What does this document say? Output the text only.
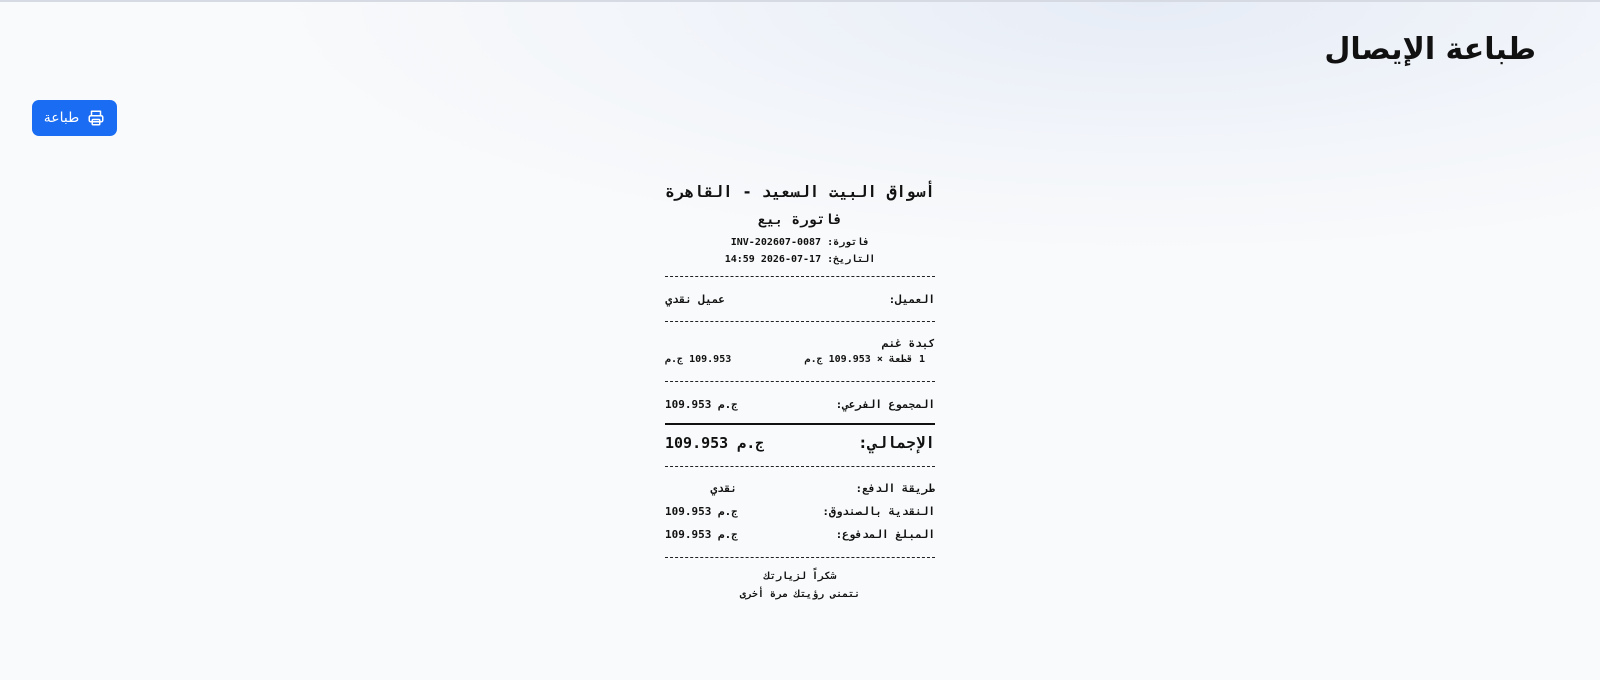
طباعة الإيصال
طباعة
أسواق البيت السعيد - القاهرة
فاتورة بيع
فاتورة: INV-202607-0087
التاريخ: 17-07-2026 14:59
العميل:
عميل نقدي
كبدة غنم
1 قطعة × 109.953 ج.م
109.953 ج.م
المجموع الفرعي:
109.953 ج.م
الإجمالي:
109.953 ج.م
طريقة الدفع:
نقدي
النقدية بالصندوق:
109.953 ج.م
المبلغ المدفوع:
109.953 ج.م
شكراً لزيارتك
نتمنى رؤيتك مرة أخرى
